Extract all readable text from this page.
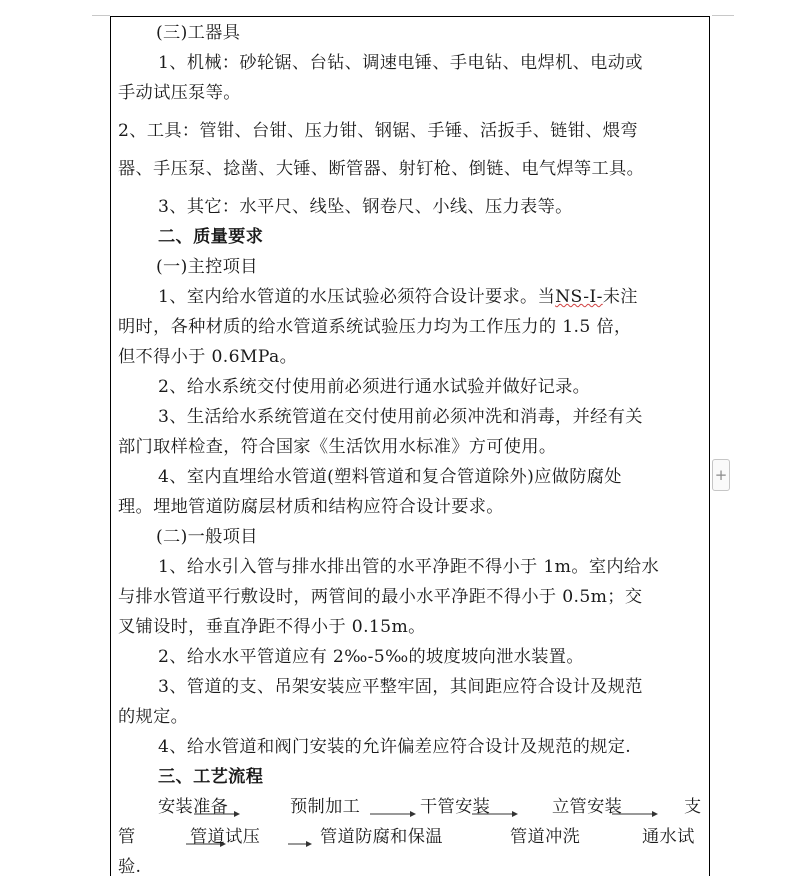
(三)工器具
1、机械：砂轮锯、台钻、调速电锤、手电钻、电焊机、电动或
手动试压泵等。
2、工具：管钳、台钳、压力钳、钢锯、手锤、活扳手、链钳、煨弯
器、手压泵、捻凿、大锤、断管器、射钉枪、倒链、电气焊等工具。
3、其它：水平尺、线坠、钢卷尺、小线、压力表等。
二、质量要求
(一)主控项目
1、室内给水管道的水压试验必须符合设计要求。当NS-I-未注
明时，各种材质的给水管道系统试验压力均为工作压力的 1.5 倍，
但不得小于 0.6MPa。
2、给水系统交付使用前必须进行通水试验并做好记录。
3、生活给水系统管道在交付使用前必须冲洗和消毒，并经有关
部门取样检查，符合国家《生活饮用水标准》方可使用。
4、室内直埋给水管道(塑料管道和复合管道除外)应做防腐处
理。埋地管道防腐层材质和结构应符合设计要求。
(二)一般项目
1、给水引入管与排水排出管的水平净距不得小于 1m。室内给水
与排水管道平行敷设时，两管间的最小水平净距不得小于 0.5m；交
叉铺设时，垂直净距不得小于 0.15m。
2、给水水平管道应有 2‰-5‰的坡度坡向泄水装置。
3、管道的支、吊架安装应平整牢固，其间距应符合设计及规范
的规定。
4、给水管道和阀门安装的允许偏差应符合设计及规范的规定.
三、工艺流程
安装准备	预制加工	干管安装	立管安装	支
管	管道试压	管道防腐和保温	管道冲洗	通水试
验.
+
